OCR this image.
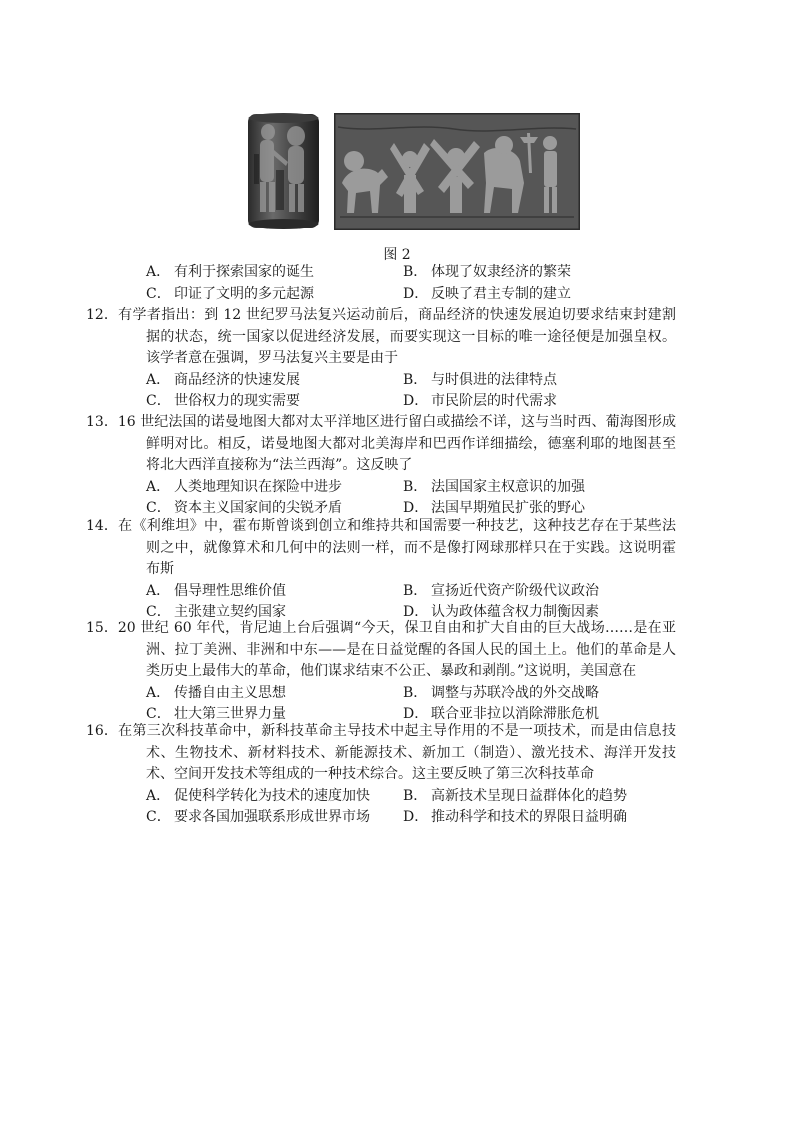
图 2
A． 有利于探索国家的诞生	B． 体现了奴隶经济的繁荣
C． 印证了文明的多元起源	D． 反映了君主专制的建立
12．有学者指出：到 12 世纪罗马法复兴运动前后，商品经济的快速发展迫切要求结束封建割据的状态，统一国家以促进经济发展，而要实现这一目标的唯一途径便是加强皇权。该学者意在强调，罗马法复兴主要是由于
A． 商品经济的快速发展	B． 与时俱进的法律特点
C． 世俗权力的现实需要	D． 市民阶层的时代需求
13．16 世纪法国的诺曼地图大都对太平洋地区进行留白或描绘不详，这与当时西、葡海图形成鲜明对比。相反，诺曼地图大都对北美海岸和巴西作详细描绘，德塞利耶的地图甚至将北大西洋直接称为“法兰西海”。这反映了
A． 人类地理知识在探险中进步	B． 法国国家主权意识的加强
C． 资本主义国家间的尖锐矛盾	D． 法国早期殖民扩张的野心
14．在《利维坦》中，霍布斯曾谈到创立和维持共和国需要一种技艺，这种技艺存在于某些法则之中，就像算术和几何中的法则一样，而不是像打网球那样只在于实践。这说明霍布斯
A． 倡导理性思维价值	B． 宣扬近代资产阶级代议政治
C． 主张建立契约国家	D． 认为政体蕴含权力制衡因素
15．20 世纪 60 年代，肯尼迪上台后强调“今天，保卫自由和扩大自由的巨大战场……是在亚洲、拉丁美洲、非洲和中东——是在日益觉醒的各国人民的国土上。他们的革命是人类历史上最伟大的革命，他们谋求结束不公正、暴政和剥削。”这说明，美国意在
A． 传播自由主义思想	B． 调整与苏联冷战的外交战略
C． 壮大第三世界力量	D． 联合亚非拉以消除滞胀危机
16．在第三次科技革命中，新科技革命主导技术中起主导作用的不是一项技术，而是由信息技术、生物技术、新材料技术、新能源技术、新加工（制造）、激光技术、海洋开发技术、空间开发技术等组成的一种技术综合。这主要反映了第三次科技革命
A． 促使科学转化为技术的速度加快	B． 高新技术呈现日益群体化的趋势
C． 要求各国加强联系形成世界市场	D． 推动科学和技术的界限日益明确
